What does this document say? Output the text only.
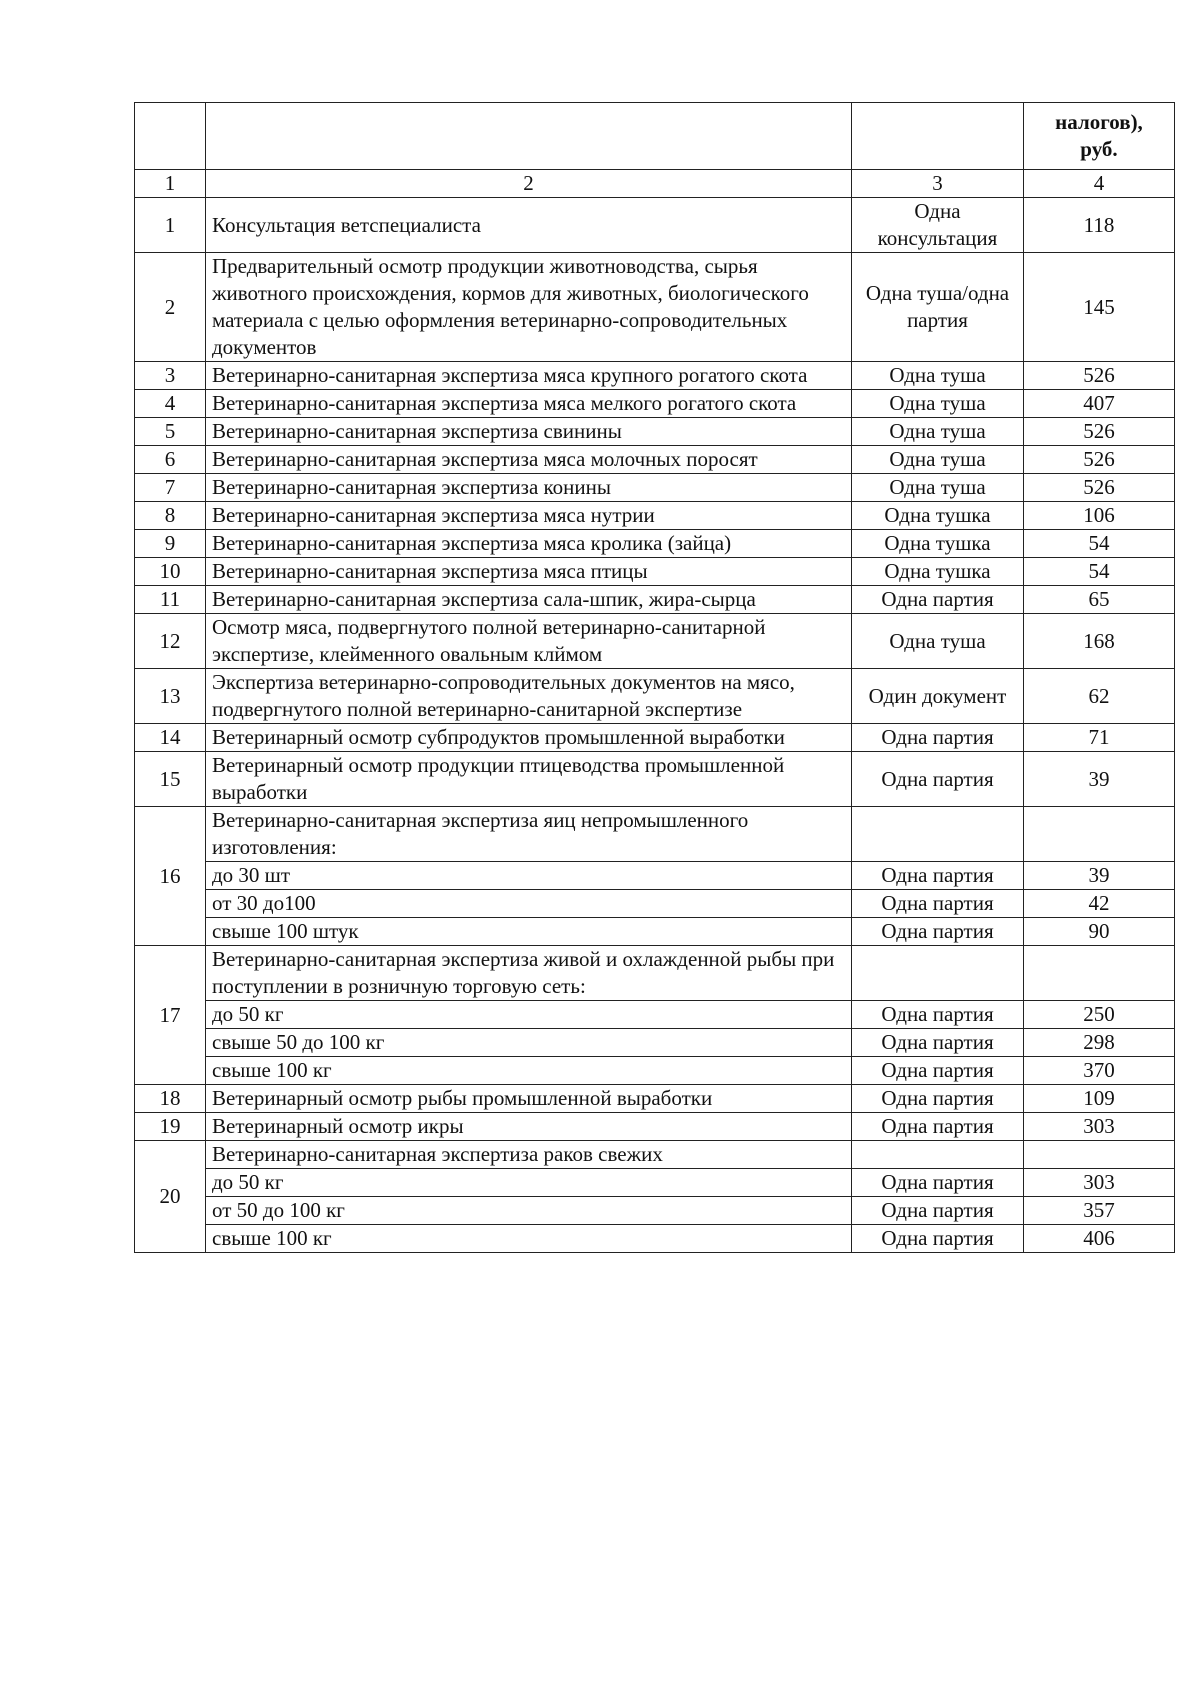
			налогов),
руб.
1	2	3	4
1	Консультация ветспециалиста	Одна консультация	118
2	Предварительный осмотр продукции животноводства, сырья животного происхождения, кормов для животных, биологического материала с целью оформления ветеринарно-сопроводительных документов	Одна туша/одна партия	145
3	Ветеринарно-санитарная экспертиза мяса крупного рогатого скота	Одна туша	526
4	Ветеринарно-санитарная экспертиза мяса мелкого рогатого скота	Одна туша	407
5	Ветеринарно-санитарная экспертиза свинины	Одна туша	526
6	Ветеринарно-санитарная экспертиза мяса молочных поросят	Одна туша	526
7	Ветеринарно-санитарная экспертиза конины	Одна туша	526
8	Ветеринарно-санитарная экспертиза мяса нутрии	Одна тушка	106
9	Ветеринарно-санитарная экспертиза мяса кролика (зайца)	Одна тушка	54
10	Ветеринарно-санитарная экспертиза мяса птицы	Одна тушка	54
11	Ветеринарно-санитарная экспертиза сала-шпик, жира-сырца	Одна партия	65
12	Осмотр мяса, подвергнутого полной ветеринарно-санитарной экспертизе, клейменного овальным клймом	Одна туша	168
13	Экспертиза ветеринарно-сопроводительных документов на мясо, подвергнутого полной ветеринарно-санитарной экспертизе	Один документ	62
14	Ветеринарный осмотр субпродуктов промышленной выработки	Одна партия	71
15	Ветеринарный осмотр продукции птицеводства промышленной выработки	Одна партия	39
16	Ветеринарно-санитарная экспертиза яиц непромышленного изготовления:		
	до 30 шт	Одна партия	39
	от 30 до100	Одна партия	42
	свыше 100 штук	Одна партия	90
17	Ветеринарно-санитарная экспертиза живой и охлажденной рыбы при поступлении в розничную торговую сеть:		
	до 50 кг	Одна партия	250
	свыше 50 до 100 кг	Одна партия	298
	свыше 100 кг	Одна партия	370
18	Ветеринарный осмотр рыбы промышленной выработки	Одна партия	109
19	Ветеринарный осмотр икры	Одна партия	303
20	Ветеринарно-санитарная экспертиза раков свежих		
	до 50 кг	Одна партия	303
	от 50 до 100 кг	Одна партия	357
	свыше 100 кг	Одна партия	406
